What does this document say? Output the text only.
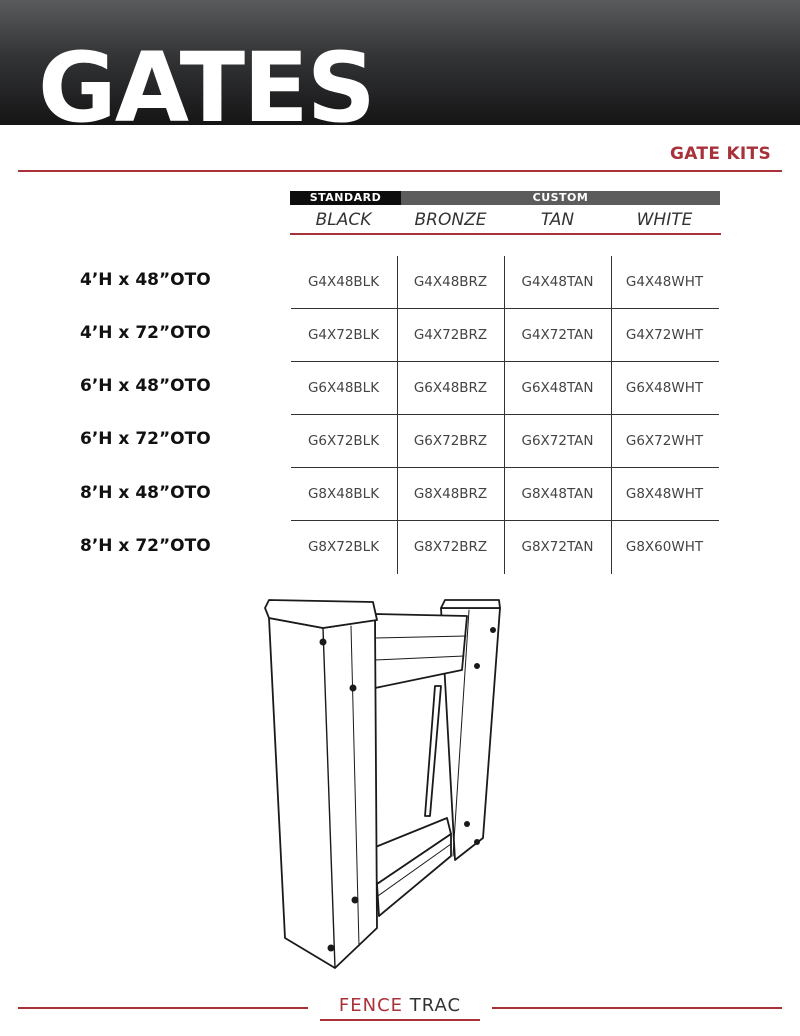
GATES
GATE KITS
STANDARD	CUSTOM
BLACK	BRONZE	TAN	WHITE
4’H x 48”OTO	G4X48BLK	G4X48BRZ	G4X48TAN	G4X48WHT
4’H x 72”OTO	G4X72BLK	G4X72BRZ	G4X72TAN	G4X72WHT
6’H x 48”OTO	G6X48BLK	G6X48BRZ	G6X48TAN	G6X48WHT
6’H x 72”OTO	G6X72BLK	G6X72BRZ	G6X72TAN	G6X72WHT
8’H x 48”OTO	G8X48BLK	G8X48BRZ	G8X48TAN	G8X48WHT
8’H x 72”OTO	G8X72BLK	G8X72BRZ	G8X72TAN	G8X60WHT
FENCE TRAC
